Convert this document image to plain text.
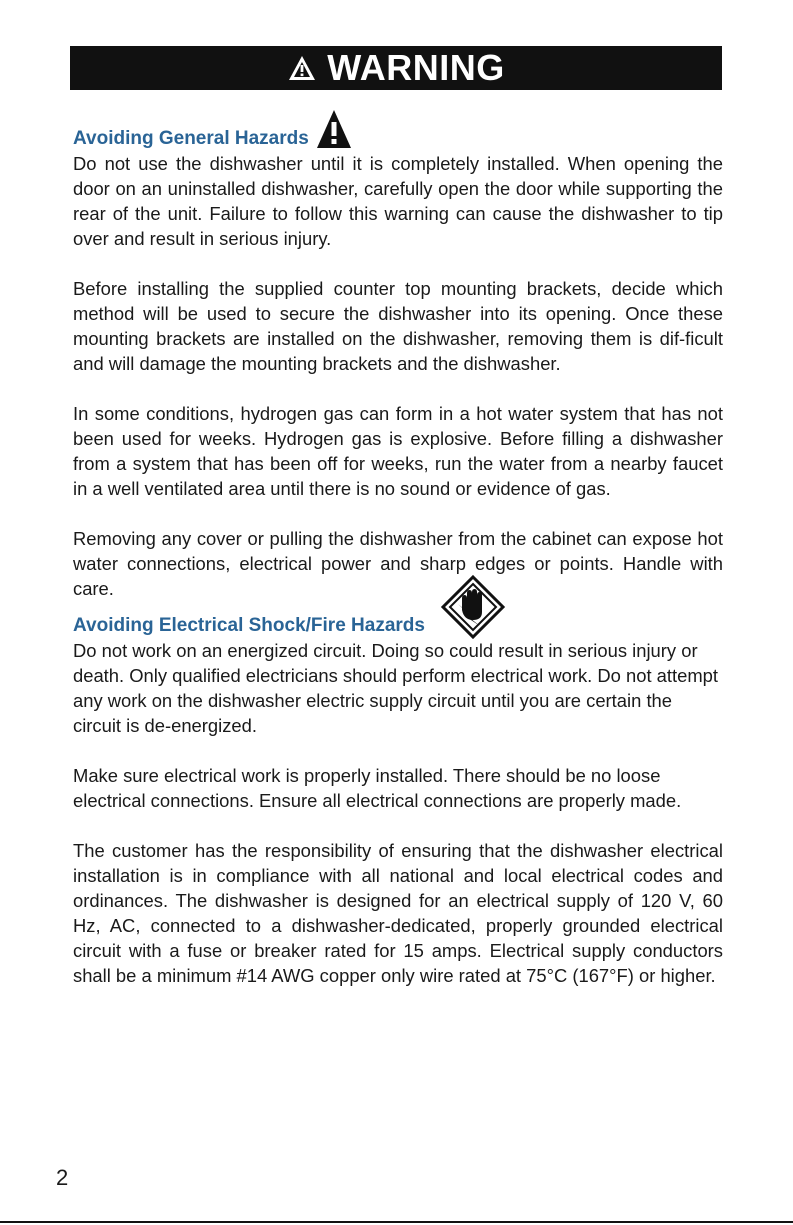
WARNING
Avoiding General Hazards

Do not use the dishwasher until it is completely installed. When opening the door on an uninstalled dishwasher, carefully open the door while supporting the rear of the unit. Failure to follow this warning can cause the dishwasher to tip over and result in serious injury.

Before installing the supplied counter top mounting brackets, decide which method will be used to secure the dishwasher into its opening. Once these mounting brackets are installed on the dishwasher, removing them is dif-ficult and will damage the mounting brackets and the dishwasher.

In some conditions, hydrogen gas can form in a hot water system that has not been used for weeks. Hydrogen gas is explosive. Before filling a dishwasher from a system that has been off for weeks, run the water from a nearby faucet in a well ventilated area until there is no sound or evidence of gas.

Removing any cover or pulling the dishwasher from the cabinet can expose hot water connections, electrical power and sharp edges or points. Handle with care.

Avoiding Electrical Shock/Fire Hazards

Do not work on an energized circuit. Doing so could result in serious injury or death. Only qualified electricians should perform electrical work. Do not attempt any work on the dishwasher electric supply circuit until you are certain the circuit is de-energized.

Make sure electrical work is properly installed. There should be no loose electrical connections. Ensure all electrical connections are properly made.

The customer has the responsibility of ensuring that the dishwasher electrical installation is in compliance with all national and local electrical codes and ordinances. The dishwasher is designed for an electrical supply of 120 V, 60 Hz, AC, connected to a dishwasher-dedicated, properly grounded electrical circuit with a fuse or breaker rated for 15 amps. Electrical supply conductors shall be a minimum #14 AWG copper only wire rated at 75°C (167°F) or higher.

2
